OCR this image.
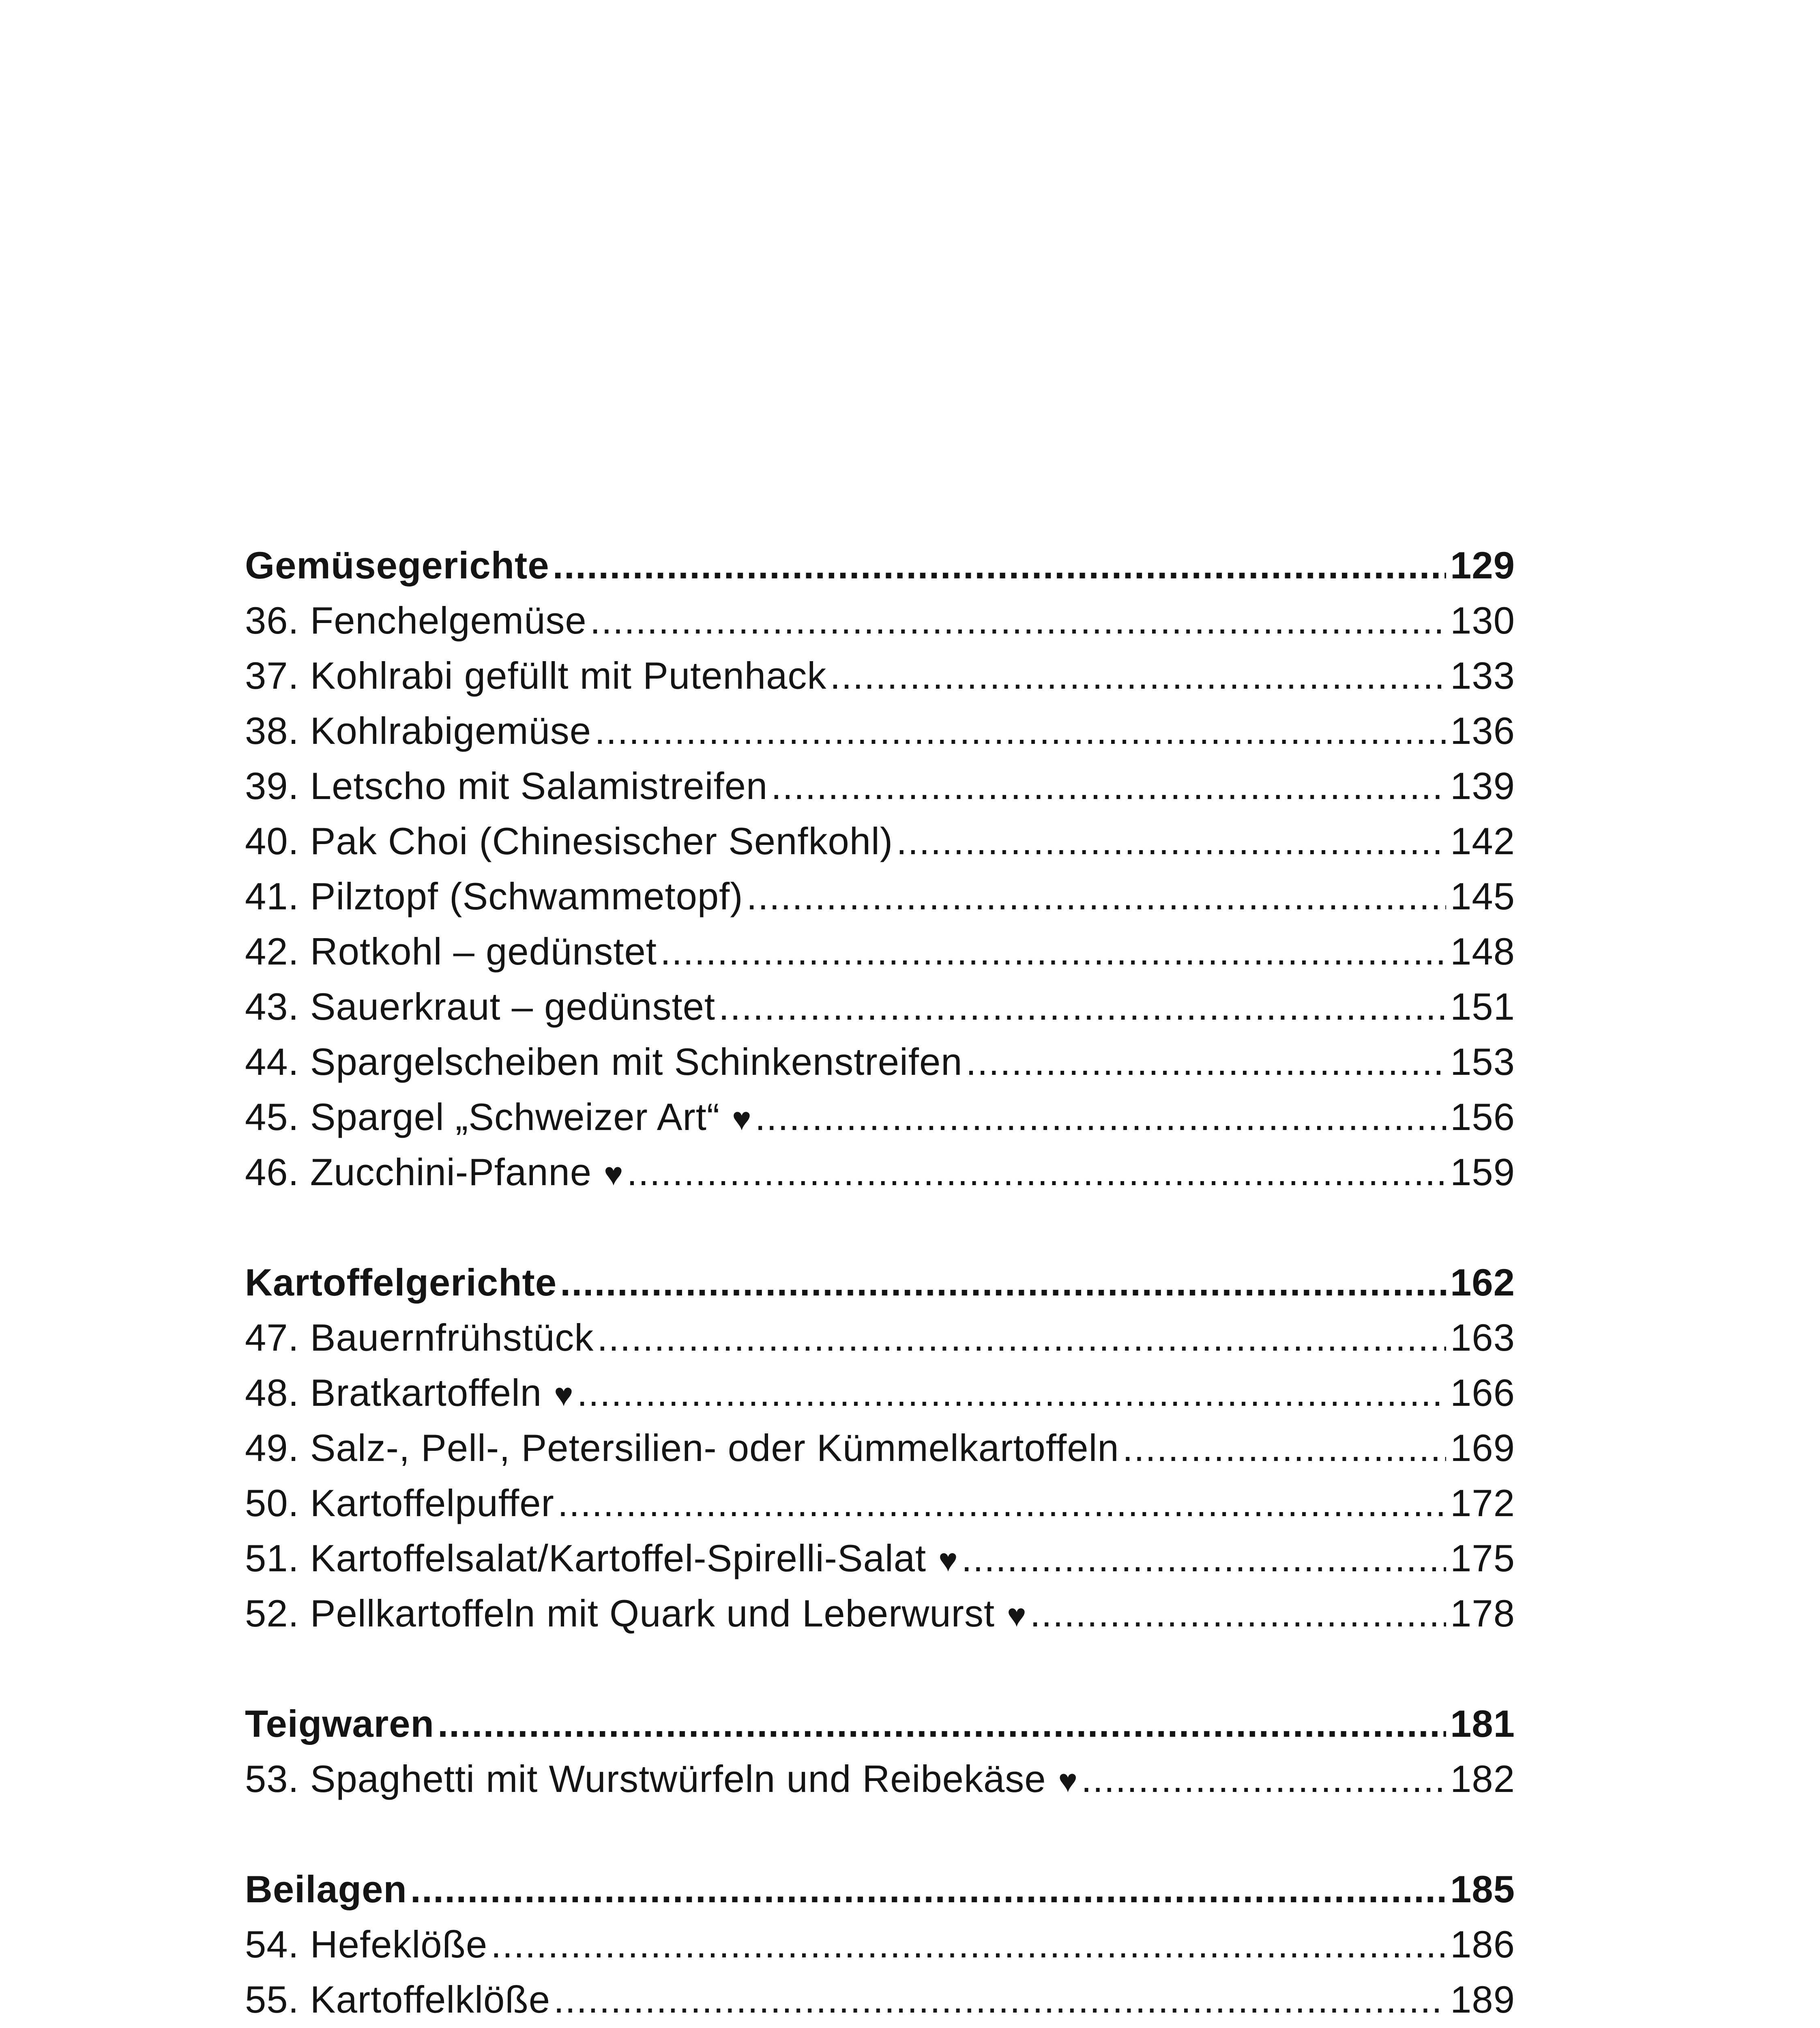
Gemüsegerichte .....	129
36. Fenchelgemüse .....	130
37. Kohlrabi gefüllt mit Putenhack .....	133
38. Kohlrabigemüse .....	136
39. Letscho mit Salamistreifen .....	139
40. Pak Choi (Chinesischer Senfkohl) .....	142
41. Pilztopf (Schwammetopf) .....	145
42. Rotkohl – gedünstet .....	148
43. Sauerkraut – gedünstet .....	151
44. Spargelscheiben mit Schinkenstreifen .....	153
45. Spargel „Schweizer Art“ ♥ .....	156
46. Zucchini-Pfanne ♥ .....	159
Kartoffelgerichte .....	162
47. Bauernfrühstück .....	163
48. Bratkartoffeln ♥ .....	166
49. Salz-, Pell-, Petersilien- oder Kümmelkartoffeln .....	169
50. Kartoffelpuffer .....	172
51. Kartoffelsalat/Kartoffel-Spirelli-Salat ♥ .....	175
52. Pellkartoffeln mit Quark und Leberwurst ♥ .....	178
Teigwaren .....	181
53. Spaghetti mit Wurstwürfeln und Reibekäse ♥ .....	182
Beilagen .....	185
54. Hefeklöße .....	186
55. Kartoffelklöße .....	189
.....
